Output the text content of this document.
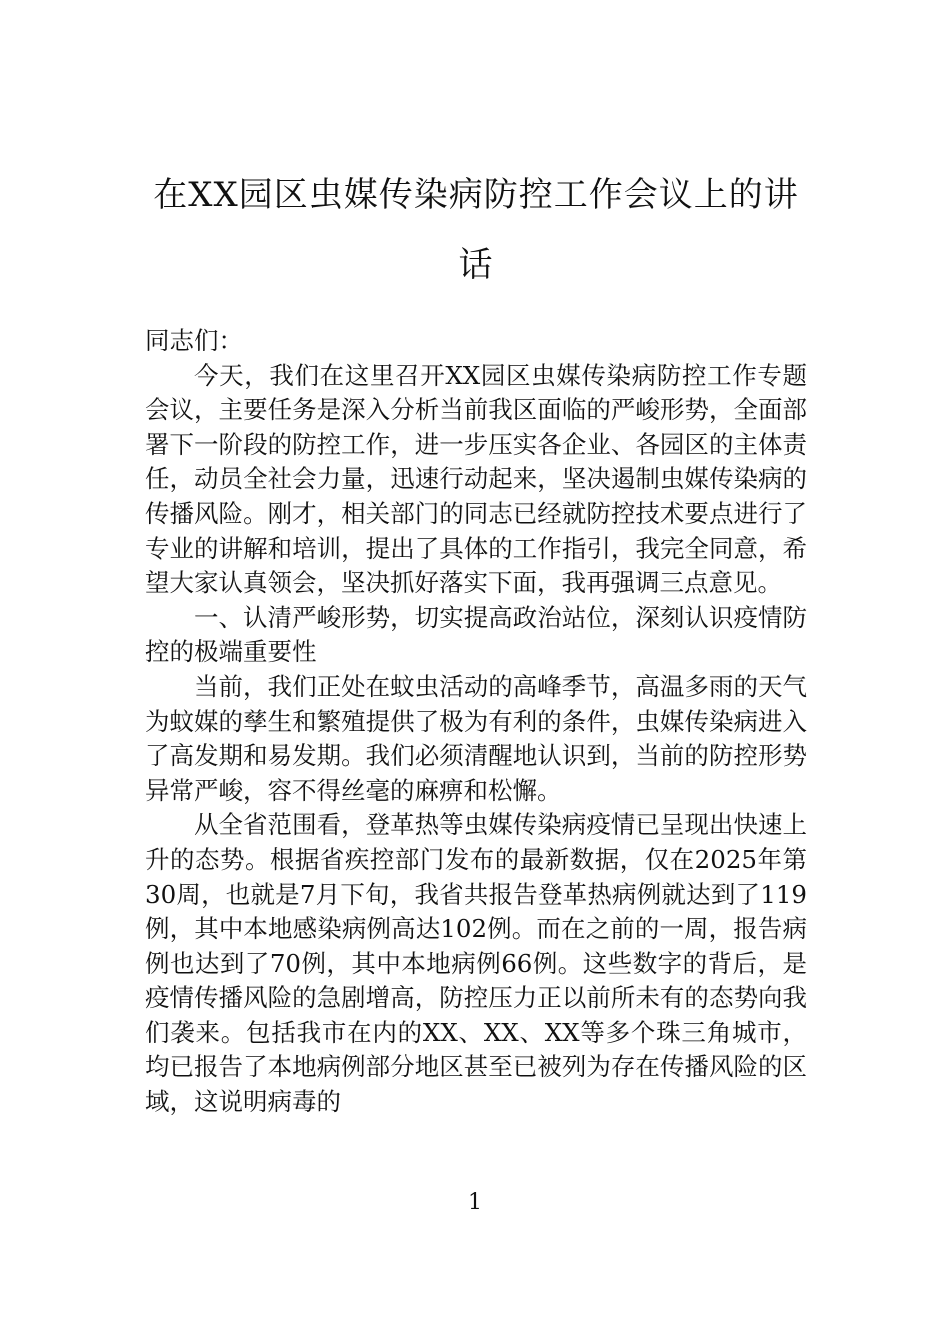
在XX园区虫媒传染病防控工作会议上的讲话

同志们：

今天，我们在这里召开XX园区虫媒传染病防控工作专题会议，主要任务是深入分析当前我区面临的严峻形势，全面部署下一阶段的防控工作，进一步压实各企业、各园区的主体责任，动员全社会力量，迅速行动起来，坚决遏制虫媒传染病的传播风险。刚才，相关部门的同志已经就防控技术要点进行了专业的讲解和培训，提出了具体的工作指引，我完全同意，希望大家认真领会，坚决抓好落实下面，我再强调三点意见。

一、认清严峻形势，切实提高政治站位，深刻认识疫情防控的极端重要性

当前，我们正处在蚊虫活动的高峰季节，高温多雨的天气为蚊媒的孳生和繁殖提供了极为有利的条件，虫媒传染病进入了高发期和易发期。我们必须清醒地认识到，当前的防控形势异常严峻，容不得丝毫的麻痹和松懈。

从全省范围看，登革热等虫媒传染病疫情已呈现出快速上升的态势。根据省疾控部门发布的最新数据，仅在2025年第30周，也就是7月下旬，我省共报告登革热病例就达到了119例，其中本地感染病例高达102例。而在之前的一周，报告病例也达到了70例，其中本地病例66例。这些数字的背后，是疫情传播风险的急剧增高，防控压力正以前所未有的态势向我们袭来。包括我市在内的XX、XX、XX等多个珠三角城市，均已报告了本地病例部分地区甚至已被列为存在传播风险的区域，这说明病毒的

1
